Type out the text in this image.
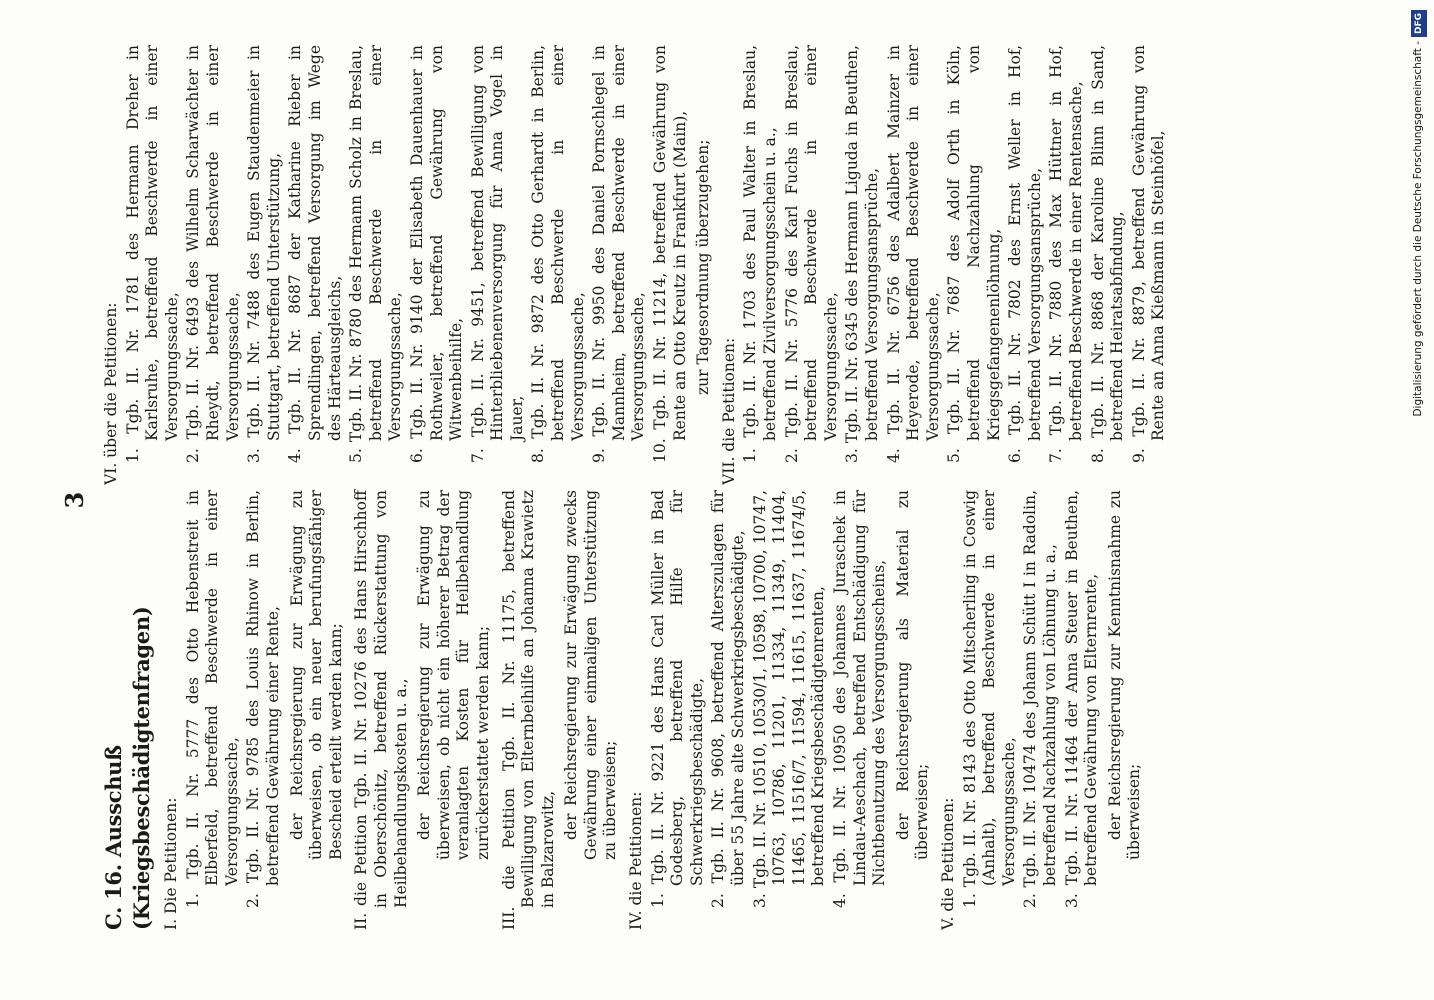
3
C. 16. Ausschuß (Kriegsbeschädigtenfragen) I. Die Petitionen: 1. Tgb. II. Nr. 5777 des Otto Hebenstreit in Elberfeld, betreffend Beschwerde in einer Versorgungssache, 2. Tgb. II. Nr. 9785 des Louis Rhinow in Berlin, betreffend Gewährung einer Rente, der Reichsregierung zur Erwägung zu überweisen, ob ein neuer berufungsfähiger Bescheid erteilt werden kann; II. die Petition Tgb. II. Nr. 10276 des Hans Hirschhoff in Oberschönitz, betreffend Rückerstattung von Heilbehandlungskosten u. a., der Reichsregierung zur Erwägung zu überweisen, ob nicht ein höherer Betrag der veranlagten Kosten für Heilbehandlung zurückerstattet werden kann; III. die Petition Tgb. II. Nr. 11175, betreffend Bewilligung von Elternbeihilfe an Johanna Krawietz in Balzarowitz,
der Reichsregierung zur Erwägung zwecks Gewährung einer einmaligen Unterstützung zu überweisen; IV. die Petitionen: 1. Tgb. II. Nr. 9221 des Hans Carl Müller in Bad Godesberg, betreffend Hilfe für Schwerkriegsbeschädigte, 2. Tgb. II. Nr. 9608, betreffend Alterszulagen für über 55 Jahre alte Schwerkriegsbeschädigte, 3. Tgb. II. Nr. 10510, 10530/1, 10598, 10700, 10747, 10763, 10786, 11201, 11334, 11349, 11404, 11465, 11516/7, 11594, 11615, 11637, 11674/5, betreffend Kriegsbeschädigtenrenten, 4. Tgb. II. Nr. 10950 des Johannes Juraschek in Lindau-Aeschach, betreffend Entschädigung für Nichtbenutzung des Versorgungsscheins, der Reichsregierung als Material zu überweisen; V. die Petitionen: 1. Tgb. II. Nr. 8143 des Otto Mitscherling in Coswig (Anhalt), betreffend Beschwerde in einer Versorgungssache, 2. Tgb. II. Nr. 10474 des Johann Schütt I in Radolin, betreffend Nachzahlung von Löhnung u. a., 3. Tgb. II. Nr. 11464 der Anna Steuer in Beuthen, betreffend Gewährung von Elternrente, der Reichsregierung zur Kenntnisnahme zu überweisen;
VI. über die Petitionen: 1. Tgb. II. Nr. 1781 des Hermann Dreher in Karlsruhe, betreffend Beschwerde in einer Versorgungssache, 2. Tgb. II. Nr. 6493 des Wilhelm Scharwächter in Rheydt, betreffend Beschwerde in einer Versorgungssache, 3. Tgb. II. Nr. 7488 des Eugen Staudenmeier in Stuttgart, betreffend Unterstützung, 4. Tgb. II. Nr. 8687 der Katharine Rieber in Sprendlingen, betreffend Versorgung im Wege des Härteausgleichs, 5. Tgb. II. Nr. 8780 des Hermann Scholz in Breslau, betreffend Beschwerde in einer Versorgungssache, 6. Tgb. II. Nr. 9140 der Elisabeth Dauenhauer in Rothweiler, betreffend Gewährung von Witwenbeihilfe, 7. Tgb. II. Nr. 9451, betreffend Bewilligung von Hinterbliebenenversorgung für Anna Vogel in Jauer, 8. Tgb. II. Nr. 9872 des Otto Gerhardt in Berlin, betreffend Beschwerde in einer Versorgungssache, 9. Tgb. II. Nr. 9950 des Daniel Pornschlegel in Mannheim, betreffend Beschwerde in einer Versorgungssache, 10. Tgb. II. Nr. 11214, betreffend Gewährung von Rente an Otto Kreutz in Frankfurt (Main), zur Tagesordnung überzugehen;
VII. die Petitionen: 1. Tgb. II. Nr. 1703 des Paul Walter in Breslau, betreffend Zivilversorgungsschein u. a., 2. Tgb. II. Nr. 5776 des Karl Fuchs in Breslau, betreffend Beschwerde in einer Versorgungssache, 3. Tgb. II. Nr. 6345 des Hermann Liguda in Beuthen, betreffend Versorgungsansprüche, 4. Tgb. II. Nr. 6756 des Adalbert Mainzer in Heyerode, betreffend Beschwerde in einer Versorgungssache, 5. Tgb. II. Nr. 7687 des Adolf Orth in Köln, betreffend Nachzahlung von Kriegsgefangenenlöhnung, 6. Tgb. II. Nr. 7802 des Ernst Weller in Hof, betreffend Versorgungsansprüche, 7. Tgb. II. Nr. 7880 des Max Hüttner in Hof, betreffend Beschwerde in einer Rentensache, 8. Tgb. II. Nr. 8868 der Karoline Blinn in Sand, betreffend Heiratsabfindung, 9. Tgb. II. Nr. 8879, betreffend Gewährung von Rente an Anna Kießmann in Steinhöfel,	Digitalisierung gefördert durch die Deutsche Forschungsgemeinschaft -DFG
